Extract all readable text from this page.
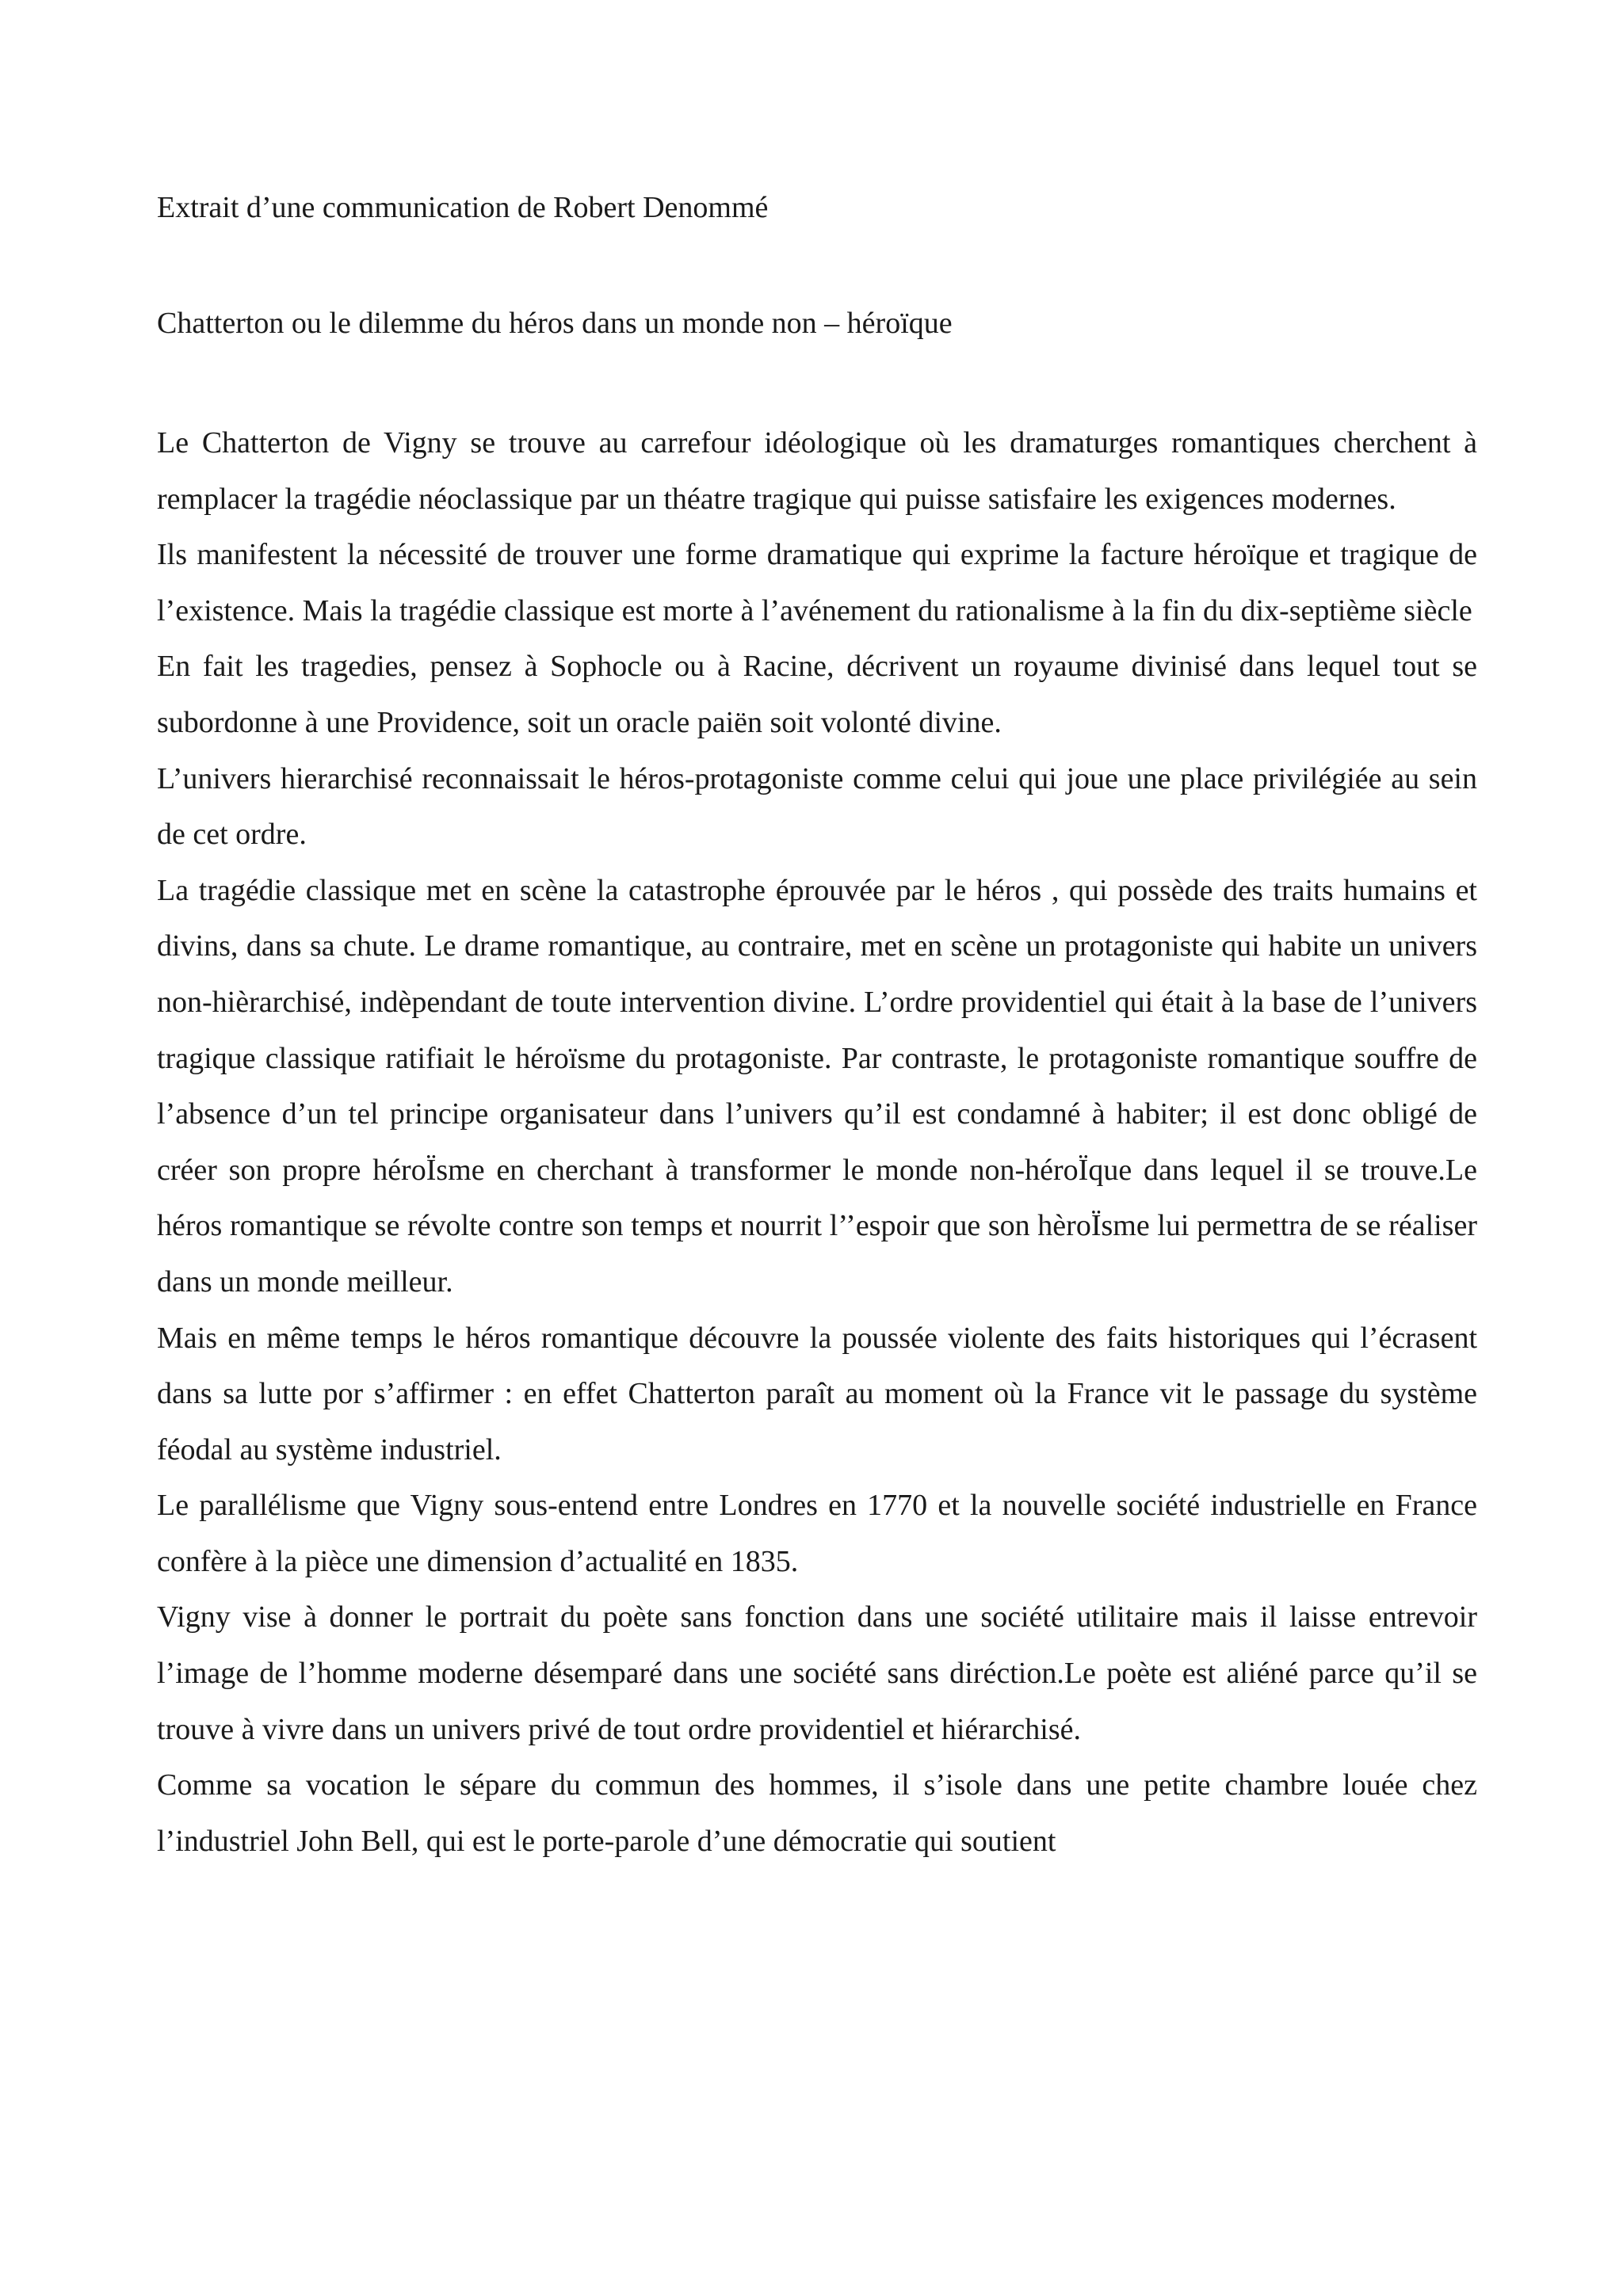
Extrait d’une communication de Robert Denommé

Chatterton ou le dilemme du héros dans un monde non – héroïque

Le Chatterton de Vigny se trouve au carrefour idéologique où les dramaturges romantiques cherchent à remplacer la tragédie néoclassique par un théatre tragique qui puisse satisfaire les exigences modernes.

Ils manifestent la nécessité de trouver une forme dramatique qui exprime la facture héroïque et tragique de l’existence. Mais la tragédie classique est morte à l’avénement du rationalisme à la fin du dix-septième siècle

En fait les tragedies, pensez à Sophocle ou à Racine, décrivent un royaume divinisé dans lequel tout se subordonne à une Providence, soit un oracle paiën soit volonté divine.

L’univers hierarchisé reconnaissait le héros-protagoniste comme celui qui joue une place privilégiée au sein de cet ordre.

La tragédie classique met en scène la catastrophe éprouvée par le héros , qui possède des traits humains et divins, dans sa chute. Le drame romantique, au contraire, met en scène un protagoniste qui habite un univers non-hièrarchisé, indèpendant de toute intervention divine. L’ordre providentiel qui était à la base de l’univers tragique classique ratifiait le héroïsme du protagoniste. Par contraste, le protagoniste romantique souffre de l’absence d’un tel principe organisateur dans l’univers qu’il est condamné à habiter; il est donc obligé de créer son propre héroÏsme en cherchant à transformer le monde non-héroÏque dans lequel il se trouve.Le héros romantique se révolte contre son temps et nourrit l’’espoir que son hèroÏsme lui permettra de se réaliser dans un monde meilleur.

Mais en même temps le héros romantique découvre la poussée violente des faits historiques qui l’écrasent dans sa lutte por s’affirmer : en effet Chatterton paraît au moment où la France vit le passage du système féodal au système industriel.

Le parallélisme que Vigny sous-entend entre Londres en 1770 et la nouvelle société industrielle en France confère à la pièce une dimension d’actualité en 1835.

Vigny vise à donner le portrait du poète sans fonction dans une société utilitaire mais il laisse entrevoir l’image de l’homme moderne désemparé dans une société sans diréction.Le poète est aliéné parce qu’il se trouve à vivre dans un univers privé de tout ordre providentiel et hiérarchisé.

Comme sa vocation le sépare du commun des hommes, il s’isole dans une petite chambre louée chez l’industriel John Bell, qui est le porte-parole d’une démocratie qui soutient
